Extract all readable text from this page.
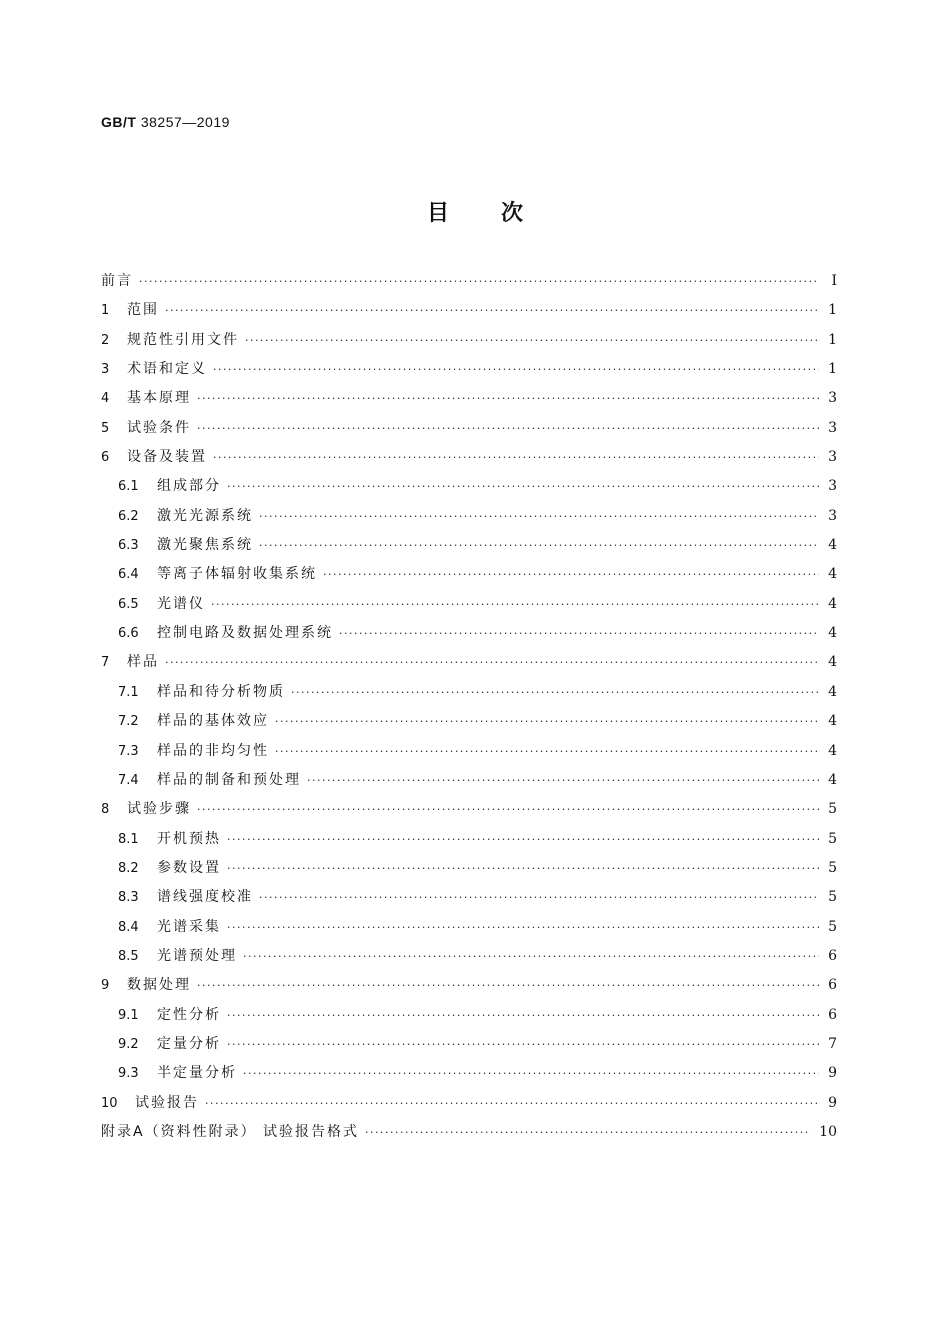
GB/T 38257—2019
目次
前言 ·····	Ⅰ
1	范围 ·····	1
2	规范性引用文件 ·····	1
3	术语和定义 ·····	1
4	基本原理 ·····	3
5	试验条件 ·····	3
6	设备及装置 ·····	3
6.1	组成部分 ·····	3
6.2	激光光源系统 ·····	3
6.3	激光聚焦系统 ·····	4
6.4	等离子体辐射收集系统 ·····	4
6.5	光谱仪 ·····	4
6.6	控制电路及数据处理系统 ·····	4
7	样品 ·····	4
7.1	样品和待分析物质 ·····	4
7.2	样品的基体效应 ·····	4
7.3	样品的非均匀性 ·····	4
7.4	样品的制备和预处理 ·····	4
8	试验步骤 ·····	5
8.1	开机预热 ·····	5
8.2	参数设置 ·····	5
8.3	谱线强度校准 ·····	5
8.4	光谱采集 ·····	5
8.5	光谱预处理 ·····	6
9	数据处理 ·····	6
9.1	定性分析 ·····	6
9.2	定量分析 ·····	7
9.3	半定量分析 ·····	9
10	试验报告 ·····	9
附录A（资料性附录） 试验报告格式 ·····	10
